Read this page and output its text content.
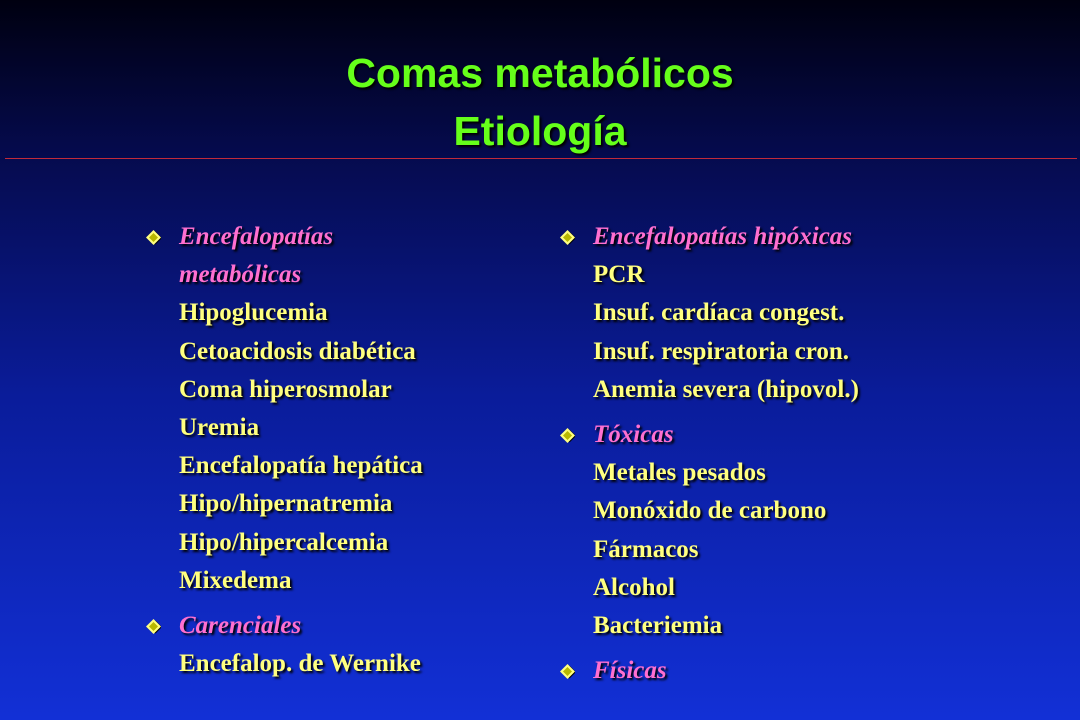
Comas metabólicos
Etiología
Encefalopatías
metabólicas
Hipoglucemia
Cetoacidosis diabética
Coma hiperosmolar
Uremia
Encefalopatía hepática
Hipo/hipernatremia
Hipo/hipercalcemia
Mixedema
Carenciales
Encefalop. de Wernike
Encefalopatías hipóxicas
PCR
Insuf. cardíaca congest.
Insuf. respiratoria cron.
Anemia severa (hipovol.)
Tóxicas
Metales pesados
Monóxido de carbono
Fármacos
Alcohol
Bacteriemia
Físicas
